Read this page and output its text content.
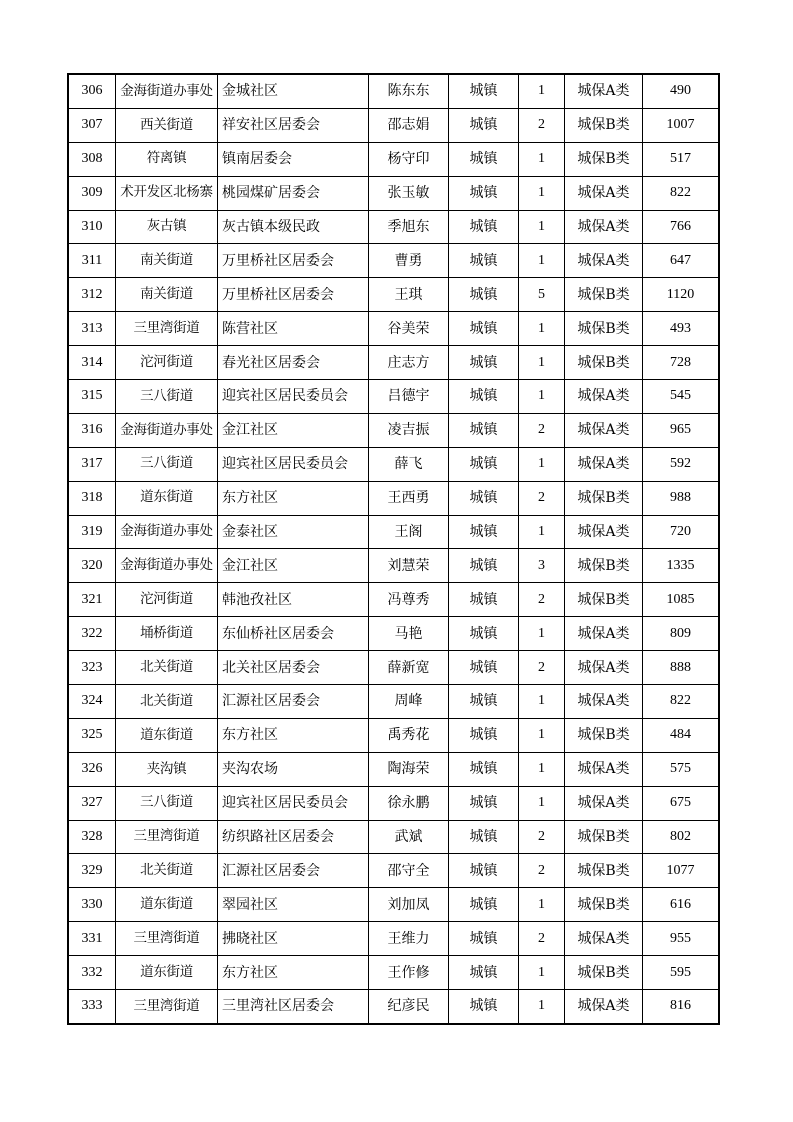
306	金海街道办事处	金城社区	陈东东	城镇	1	城保A类	490
307	西关街道	祥安社区居委会	邵志娟	城镇	2	城保B类	1007
308	符离镇	镇南居委会	杨守印	城镇	1	城保B类	517
309	术开发区北杨寨	桃园煤矿居委会	张玉敏	城镇	1	城保A类	822
310	灰古镇	灰古镇本级民政	季旭东	城镇	1	城保A类	766
311	南关街道	万里桥社区居委会	曹勇	城镇	1	城保A类	647
312	南关街道	万里桥社区居委会	王琪	城镇	5	城保B类	1120
313	三里湾街道	陈营社区	谷美荣	城镇	1	城保B类	493
314	沱河街道	春光社区居委会	庄志方	城镇	1	城保B类	728
315	三八街道	迎宾社区居民委员会	吕德宇	城镇	1	城保A类	545
316	金海街道办事处	金江社区	凌吉振	城镇	2	城保A类	965
317	三八街道	迎宾社区居民委员会	薛飞	城镇	1	城保A类	592
318	道东街道	东方社区	王西勇	城镇	2	城保B类	988
319	金海街道办事处	金泰社区	王阁	城镇	1	城保A类	720
320	金海街道办事处	金江社区	刘慧荣	城镇	3	城保B类	1335
321	沱河街道	韩池孜社区	冯尊秀	城镇	2	城保B类	1085
322	埇桥街道	东仙桥社区居委会	马艳	城镇	1	城保A类	809
323	北关街道	北关社区居委会	薛新宽	城镇	2	城保A类	888
324	北关街道	汇源社区居委会	周峰	城镇	1	城保A类	822
325	道东街道	东方社区	禹秀花	城镇	1	城保B类	484
326	夹沟镇	夹沟农场	陶海荣	城镇	1	城保A类	575
327	三八街道	迎宾社区居民委员会	徐永鹏	城镇	1	城保A类	675
328	三里湾街道	纺织路社区居委会	武斌	城镇	2	城保B类	802
329	北关街道	汇源社区居委会	邵守全	城镇	2	城保B类	1077
330	道东街道	翠园社区	刘加凤	城镇	1	城保B类	616
331	三里湾街道	拂晓社区	王维力	城镇	2	城保A类	955
332	道东街道	东方社区	王作修	城镇	1	城保B类	595
333	三里湾街道	三里湾社区居委会	纪彦民	城镇	1	城保A类	816
